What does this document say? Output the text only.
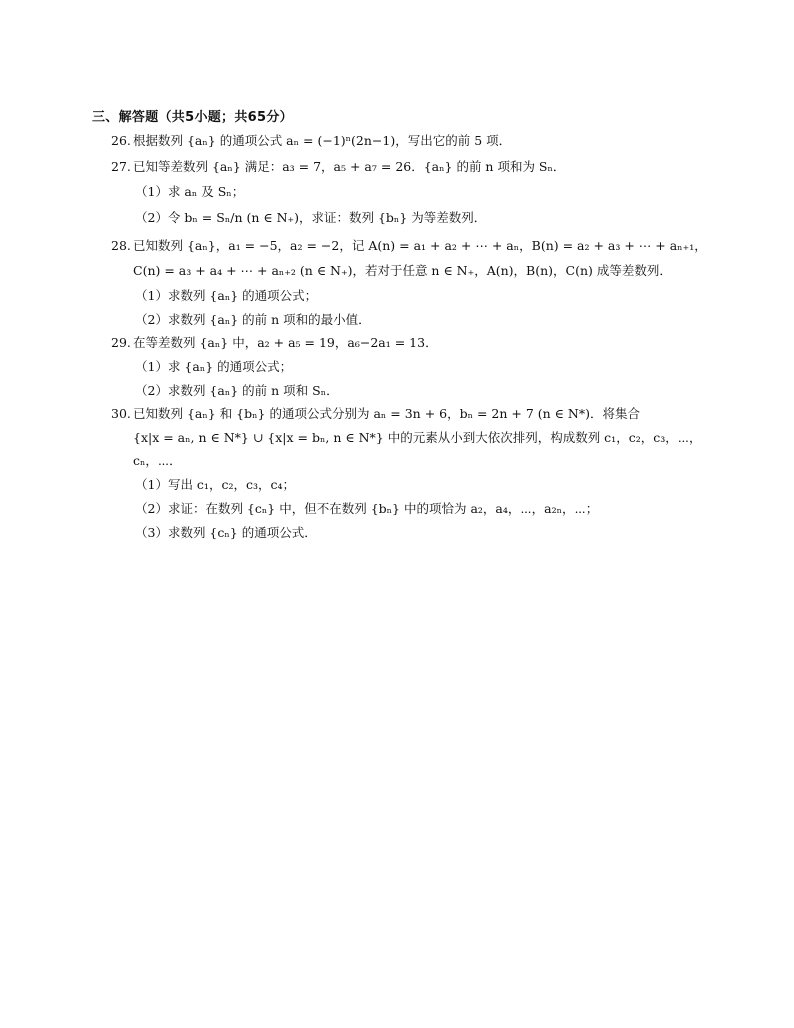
三、解答题（共5小题；共65分）
26. 根据数列 {aₙ} 的通项公式 aₙ = (−1)ⁿ(2n−1)，写出它的前 5 项．
27. 已知等差数列 {aₙ} 满足：a₃ = 7，a₅ + a₇ = 26．{aₙ} 的前 n 项和为 Sₙ．
（1）求 aₙ 及 Sₙ；
（2）令 bₙ = Sₙ/n (n ∈ N₊)，求证：数列 {bₙ} 为等差数列．
28. 已知数列 {aₙ}，a₁ = −5，a₂ = −2，记 A(n) = a₁ + a₂ + ⋯ + aₙ，B(n) = a₂ + a₃ + ⋯ + aₙ₊₁，
C(n) = a₃ + a₄ + ⋯ + aₙ₊₂ (n ∈ N₊)，若对于任意 n ∈ N₊，A(n)，B(n)，C(n) 成等差数列．
（1）求数列 {aₙ} 的通项公式；
（2）求数列 {aₙ} 的前 n 项和的最小值．
29. 在等差数列 {aₙ} 中，a₂ + a₅ = 19，a₆−2a₁ = 13．
（1）求 {aₙ} 的通项公式；
（2）求数列 {aₙ} 的前 n 项和 Sₙ．
30. 已知数列 {aₙ} 和 {bₙ} 的通项公式分别为 aₙ = 3n + 6，bₙ = 2n + 7 (n ∈ N*)．将集合
{x|x = aₙ, n ∈ N*} ∪ {x|x = bₙ, n ∈ N*} 中的元素从小到大依次排列，构成数列 c₁，c₂，c₃，⋯，
cₙ，⋯．
（1）写出 c₁，c₂，c₃，c₄；
（2）求证：在数列 {cₙ} 中，但不在数列 {bₙ} 中的项恰为 a₂，a₄，⋯，a₂ₙ，⋯；
（3）求数列 {cₙ} 的通项公式．
